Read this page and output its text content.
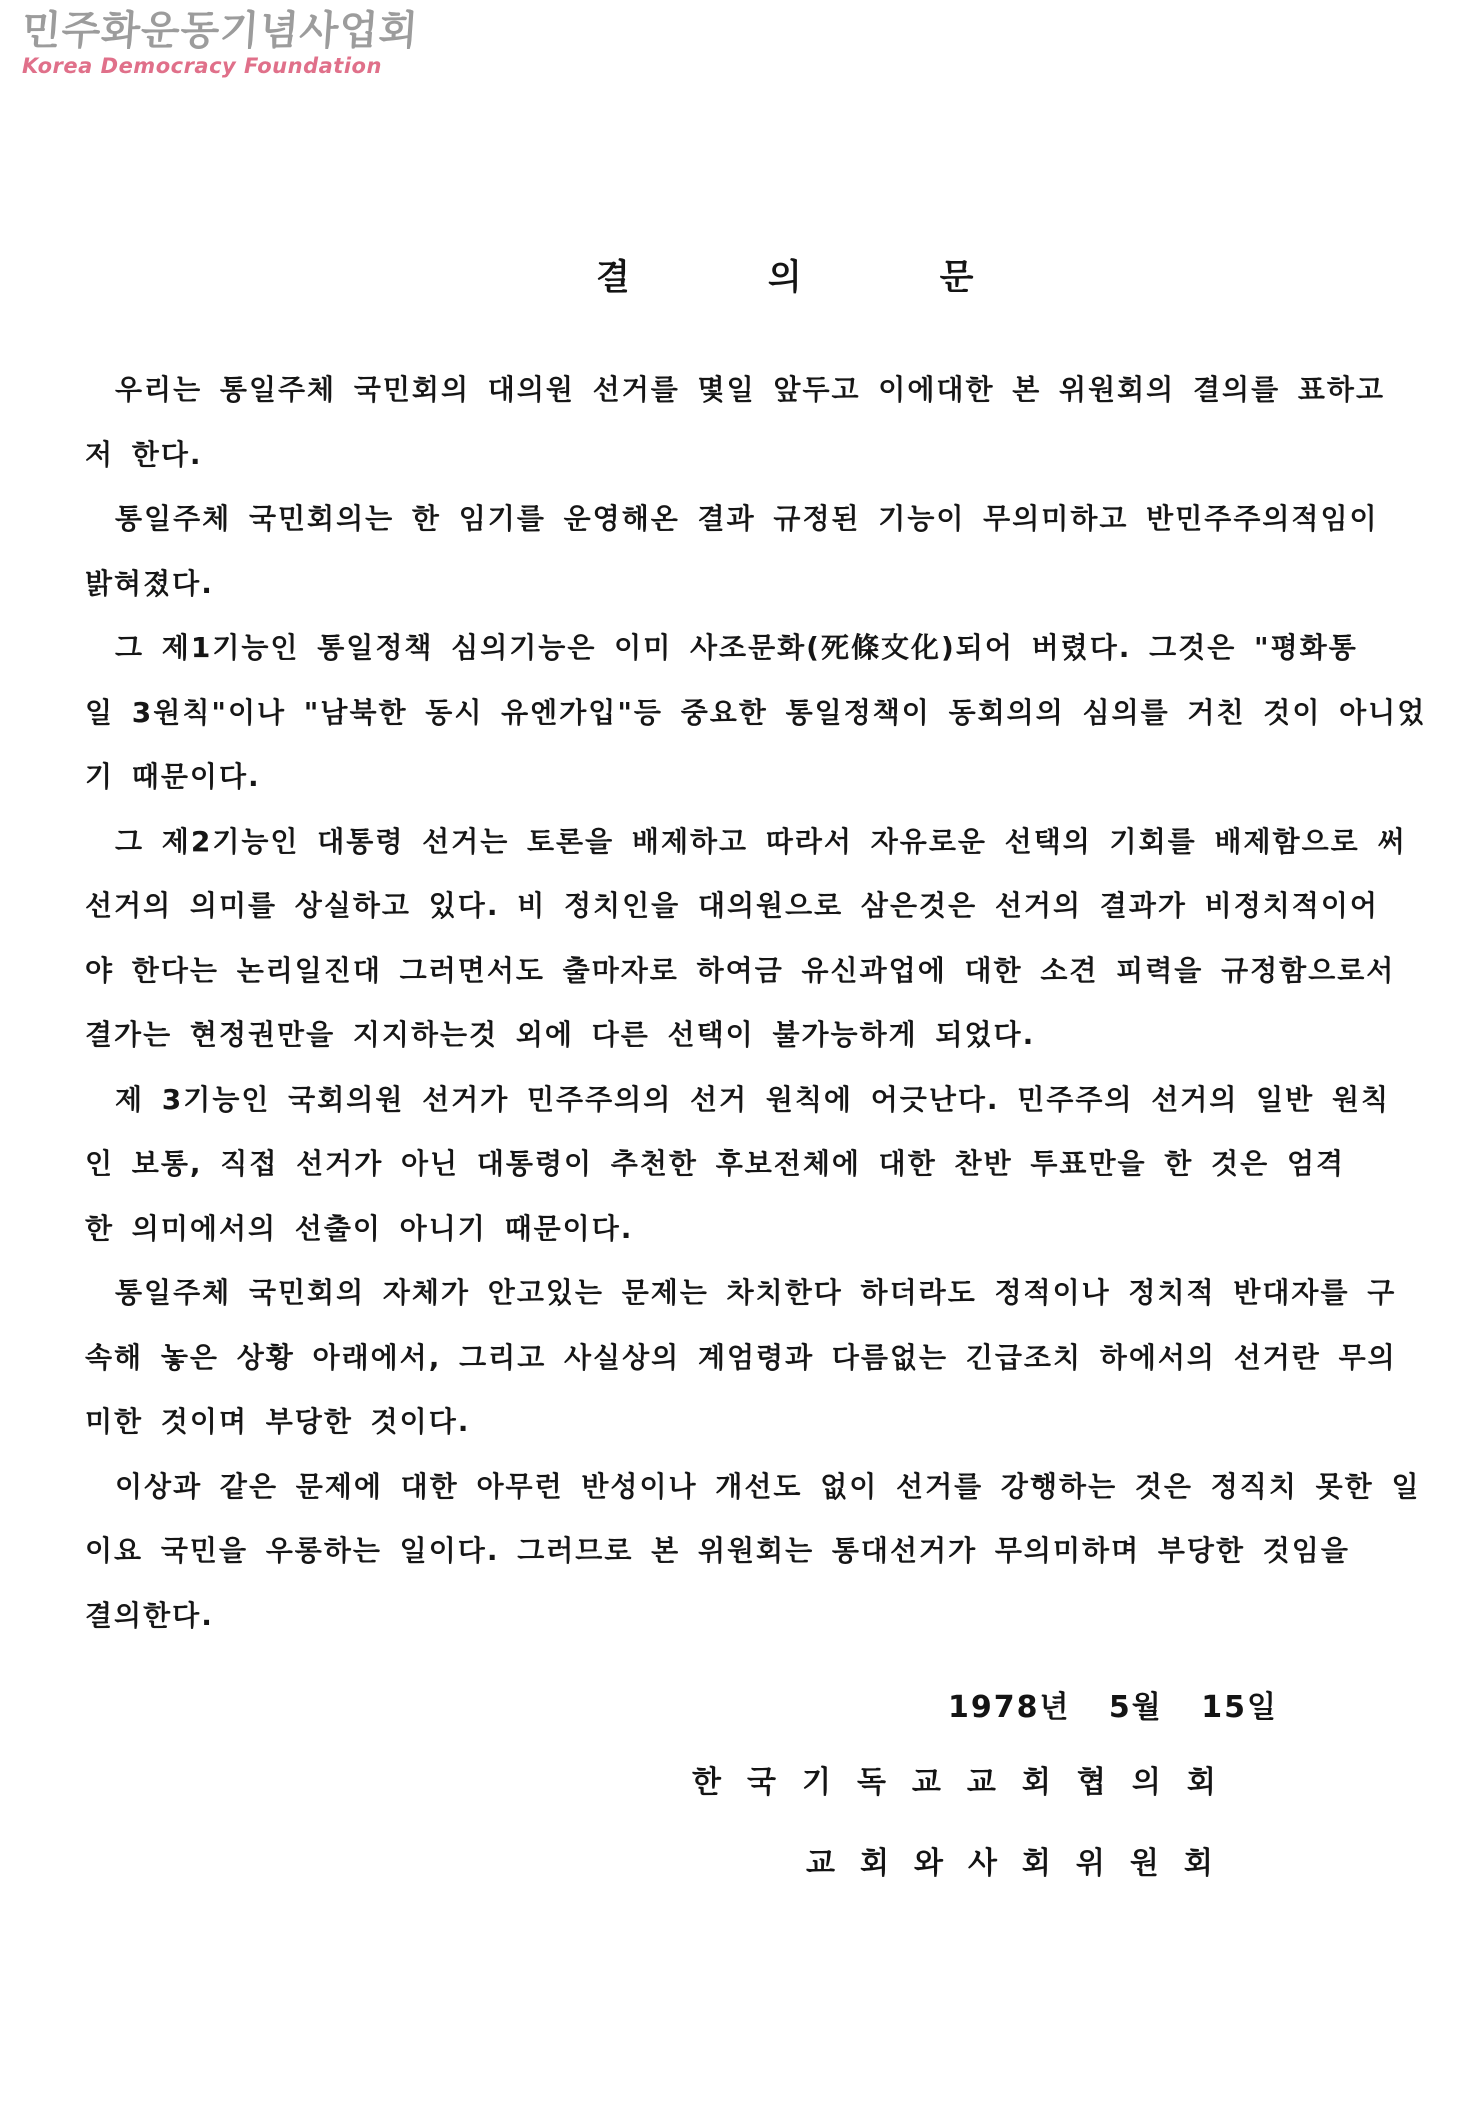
민주화운동기념사업회
Korea Democracy Foundation
결	의	문
우리는 통일주체 국민회의 대의원 선거를 몇일 앞두고 이에대한 본 위원회의 결의를 표하고
저 한다.
통일주체 국민회의는 한 임기를 운영해온 결과 규정된 기능이 무의미하고 반민주주의적임이
밝혀졌다.
그 제1기능인 통일정책 심의기능은 이미 사조문화(死條文化)되어 버렸다. 그것은 "평화통
일 3원칙"이나 "남북한 동시 유엔가입"등 중요한 통일정책이 동회의의 심의를 거친 것이 아니었
기 때문이다.
그 제2기능인 대통령 선거는 토론을 배제하고 따라서 자유로운 선택의 기회를 배제함으로 써
선거의 의미를 상실하고 있다. 비 정치인을 대의원으로 삼은것은 선거의 결과가 비정치적이어
야 한다는 논리일진대 그러면서도 출마자로 하여금 유신과업에 대한 소견 피력을 규정함으로서
결가는 현정권만을 지지하는것 외에 다른 선택이 불가능하게 되었다.
제 3기능인 국회의원 선거가 민주주의의 선거 원칙에 어긋난다. 민주주의 선거의 일반 원칙
인 보통, 직접 선거가 아닌 대통령이 추천한 후보전체에 대한 찬반 투표만을 한 것은 엄격
한 의미에서의 선출이 아니기 때문이다.
통일주체 국민회의 자체가 안고있는 문제는 차치한다 하더라도 정적이나 정치적 반대자를 구
속해 놓은 상황 아래에서, 그리고 사실상의 계엄령과 다름없는 긴급조치 하에서의 선거란 무의
미한 것이며 부당한 것이다.
이상과 같은 문제에 대한 아무런 반성이나 개선도 없이 선거를 강행하는 것은 정직치 못한 일
이요 국민을 우롱하는 일이다. 그러므로 본 위원회는 통대선거가 무의미하며 부당한 것임을
결의한다.
1978년 5월 15일
한국기독교교회협의회
교회와사회위원회
